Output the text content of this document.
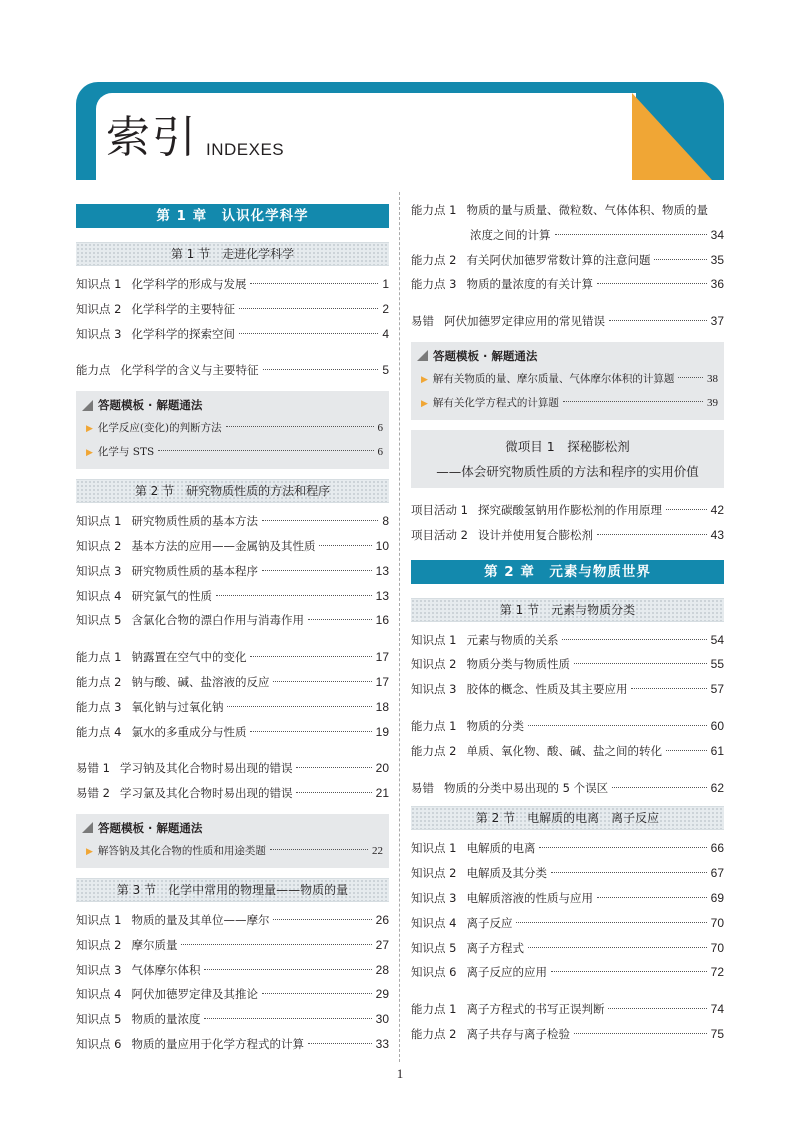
索引 INDEXES
第 1 章　认识化学科学
第 1 节　走进化学科学
知识点 1 化学科学的形成与发展	1
知识点 2 化学科学的主要特征	2
知识点 3 化学科学的探索空间	4
能力点 化学科学的含义与主要特征	5
答题模板 · 解题通法
▶ 化学反应(变化)的判断方法	6
▶ 化学与 STS	6
第 2 节　研究物质性质的方法和程序
知识点 1 研究物质性质的基本方法	8
知识点 2 基本方法的应用——金属钠及其性质	10
知识点 3 研究物质性质的基本程序	13
知识点 4 研究氯气的性质	13
知识点 5 含氯化合物的漂白作用与消毒作用	16
能力点 1 钠露置在空气中的变化	17
能力点 2 钠与酸、碱、盐溶液的反应	17
能力点 3 氧化钠与过氧化钠	18
能力点 4 氯水的多重成分与性质	19
易错 1 学习钠及其化合物时易出现的错误	20
易错 2 学习氯及其化合物时易出现的错误	21
答题模板 · 解题通法
▶ 解答钠及其化合物的性质和用途类题	22
第 3 节　化学中常用的物理量——物质的量
知识点 1 物质的量及其单位——摩尔	26
知识点 2 摩尔质量	27
知识点 3 气体摩尔体积	28
知识点 4 阿伏加德罗定律及其推论	29
知识点 5 物质的量浓度	30
知识点 6 物质的量应用于化学方程式的计算	33
能力点 1 物质的量与质量、微粒数、气体体积、物质的量
浓度之间的计算	34
能力点 2 有关阿伏加德罗常数计算的注意问题	35
能力点 3 物质的量浓度的有关计算	36
易错 阿伏加德罗定律应用的常见错误	37
答题模板 · 解题通法
▶ 解有关物质的量、摩尔质量、气体摩尔体积的计算题	38
▶ 解有关化学方程式的计算题	39
微项目 1　探秘膨松剂
——体会研究物质性质的方法和程序的实用价值
项目活动 1 探究碳酸氢钠用作膨松剂的作用原理	42
项目活动 2 设计并使用复合膨松剂	43
第 2 章　元素与物质世界
第 1 节　元素与物质分类
知识点 1 元素与物质的关系	54
知识点 2 物质分类与物质性质	55
知识点 3 胶体的概念、性质及其主要应用	57
能力点 1 物质的分类	60
能力点 2 单质、氧化物、酸、碱、盐之间的转化	61
易错 物质的分类中易出现的 5 个误区	62
第 2 节　电解质的电离　离子反应
知识点 1 电解质的电离	66
知识点 2 电解质及其分类	67
知识点 3 电解质溶液的性质与应用	69
知识点 4 离子反应	70
知识点 5 离子方程式	70
知识点 6 离子反应的应用	72
能力点 1 离子方程式的书写正误判断	74
能力点 2 离子共存与离子检验	75
1
